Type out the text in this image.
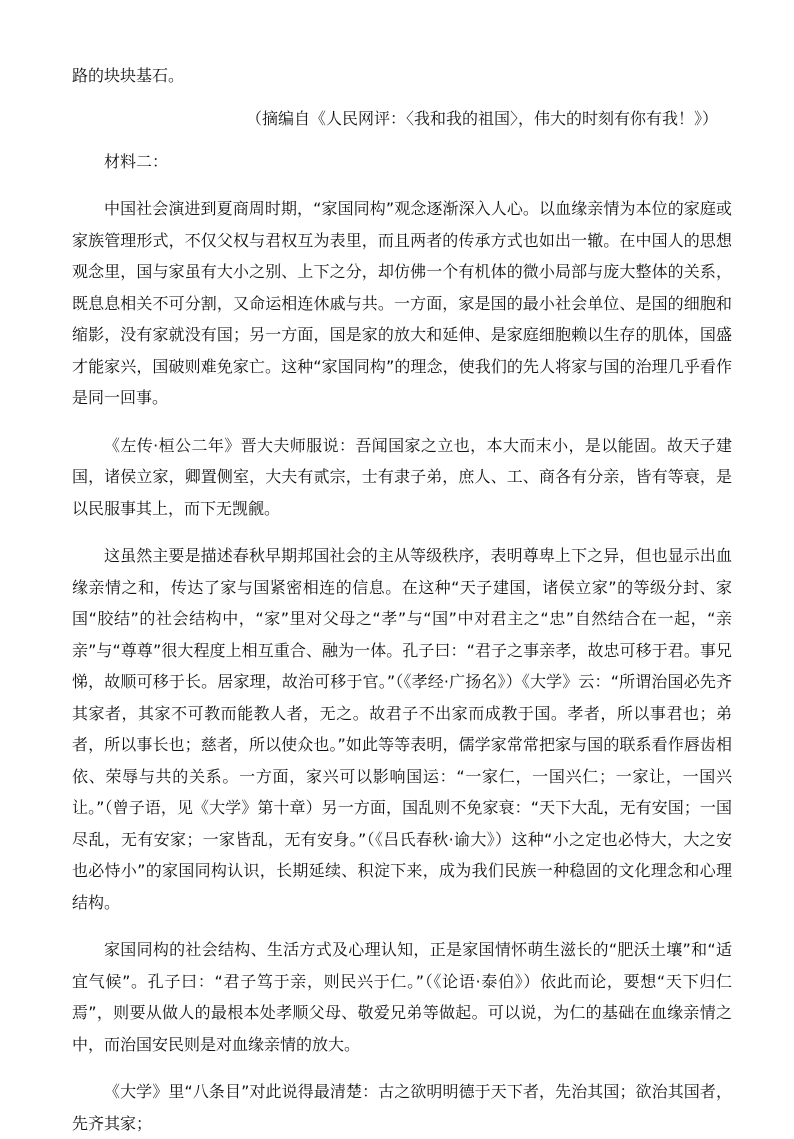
路的块块基石。
（摘编自《人民网评：〈我和我的祖国〉，伟大的时刻有你有我！》）
材料二：

中国社会演进到夏商周时期，“家国同构”观念逐渐深入人心。以血缘亲情为本位的家庭或家族管理形式，不仅父权与君权互为表里，而且两者的传承方式也如出一辙。在中国人的思想观念里，国与家虽有大小之别、上下之分，却仿佛一个有机体的微小局部与庞大整体的关系，既息息相关不可分割，又命运相连休戚与共。一方面，家是国的最小社会单位、是国的细胞和缩影，没有家就没有国；另一方面，国是家的放大和延伸、是家庭细胞赖以生存的肌体，国盛才能家兴，国破则难免家亡。这种“家国同构”的理念，使我们的先人将家与国的治理几乎看作是同一回事。

《左传·桓公二年》晋大夫师服说：吾闻国家之立也，本大而末小，是以能固。故天子建国，诸侯立家，卿置侧室，大夫有贰宗，士有隶子弟，庶人、工、商各有分亲，皆有等衰，是以民服事其上，而下无觊觎。

这虽然主要是描述春秋早期邦国社会的主从等级秩序，表明尊卑上下之异，但也显示出血缘亲情之和，传达了家与国紧密相连的信息。在这种“天子建国，诸侯立家”的等级分封、家国“胶结”的社会结构中，“家”里对父母之“孝”与“国”中对君主之“忠”自然结合在一起，“亲亲”与“尊尊”很大程度上相互重合、融为一体。孔子曰：“君子之事亲孝，故忠可移于君。事兄悌，故顺可移于长。居家理，故治可移于官。”（《孝经·广扬名》）《大学》云：“所谓治国必先齐其家者，其家不可教而能教人者，无之。故君子不出家而成教于国。孝者，所以事君也；弟者，所以事长也；慈者，所以使众也。”如此等等表明，儒学家常常把家与国的联系看作唇齿相依、荣辱与共的关系。一方面，家兴可以影响国运：“一家仁，一国兴仁；一家让，一国兴让。”（曾子语，见《大学》第十章）另一方面，国乱则不免家衰：“天下大乱，无有安国；一国尽乱，无有安家；一家皆乱，无有安身。”（《吕氏春秋·谕大》）这种“小之定也必恃大，大之安也必恃小”的家国同构认识，长期延续、积淀下来，成为我们民族一种稳固的文化理念和心理结构。

家国同构的社会结构、生活方式及心理认知，正是家国情怀萌生滋长的“肥沃土壤”和“适宜气候”。孔子曰：“君子笃于亲，则民兴于仁。”（《论语·泰伯》）依此而论，要想“天下归仁焉”，则要从做人的最根本处孝顺父母、敬爱兄弟等做起。可以说，为仁的基础在血缘亲情之中，而治国安民则是对血缘亲情的放大。

《大学》里“八条目”对此说得最清楚：古之欲明明德于天下者，先治其国；欲治其国者，先齐其家；
